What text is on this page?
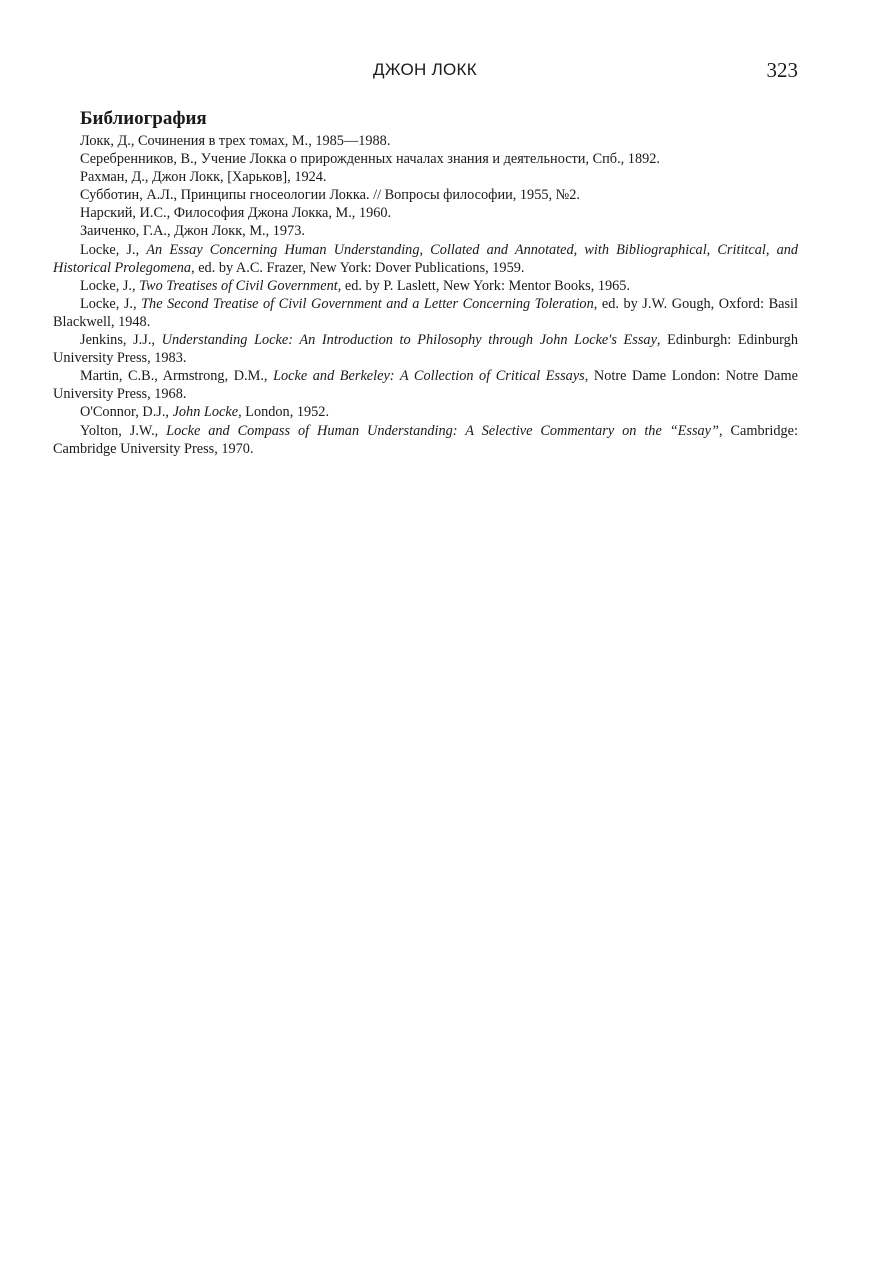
ДЖОН ЛОКК	323
Библиография

Локк, Д., Сочинения в трех томах, М., 1985—1988.

Серебренников, В., Учение Локка о прирожденных началах знания и деятельности, Спб., 1892.

Рахман, Д., Джон Локк, [Харьков], 1924.

Субботин, А.Л., Принципы гносеологии Локка. // Вопросы философии, 1955, №2.

Нарский, И.С., Философия Джона Локка, М., 1960.

Заиченко, Г.А., Джон Локк, М., 1973.

Locke, J., An Essay Concerning Human Understanding, Collated and Annotated, with Bibliographical, Crititcal, and Historical Prolegomena, ed. by A.C. Frazer, New York: Dover Publications, 1959.

Locke, J., Two Treatises of Civil Government, ed. by P. Laslett, New York: Mentor Books, 1965.

Locke, J., The Second Treatise of Civil Government and a Letter Concerning Toleration, ed. by J.W. Gough, Oxford: Basil Blackwell, 1948.

Jenkins, J.J., Understanding Locke: An Introduction to Philosophy through John Locke's Essay, Edinburgh: Edinburgh University Press, 1983.

Martin, C.B., Armstrong, D.M., Locke and Berkeley: A Collection of Critical Essays, Notre Dame London: Notre Dame University Press, 1968.

O'Connor, D.J., John Locke, London, 1952.

Yolton, J.W., Locke and Compass of Human Understanding: A Selective Commentary on the “Essay”, Cambridge: Cambridge University Press, 1970.
